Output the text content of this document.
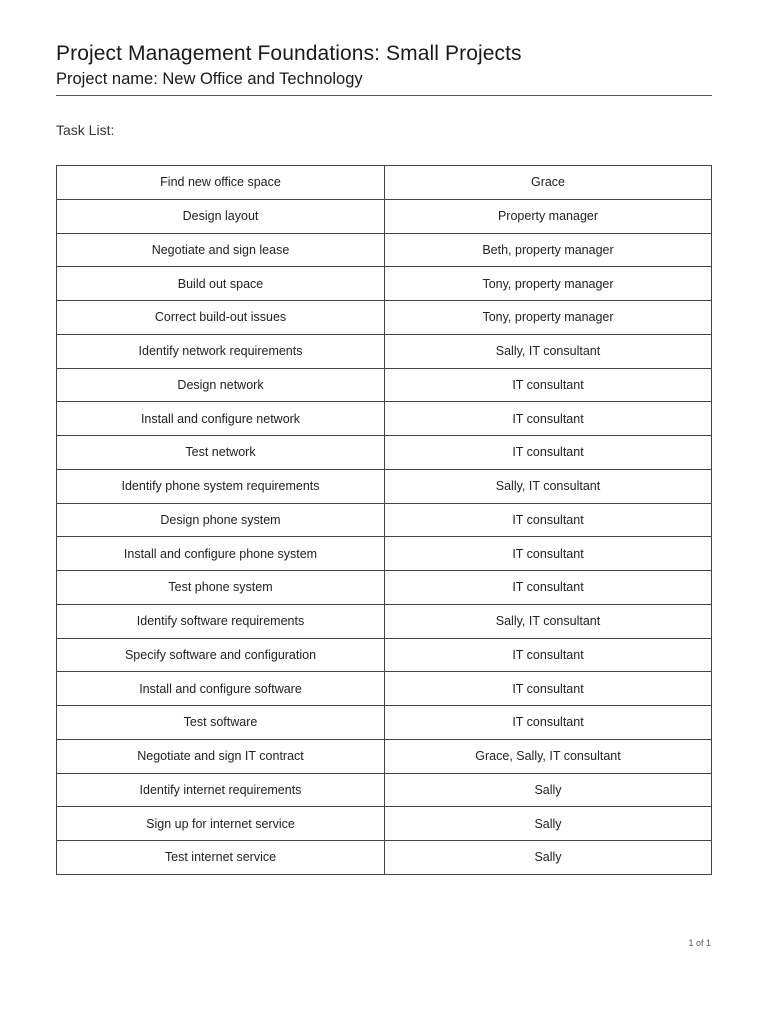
Project Management Foundations: Small Projects
Project name: New Office and Technology
Task List:
Find new office space	Grace
Design layout	Property manager
Negotiate and sign lease	Beth, property manager
Build out space	Tony, property manager
Correct build-out issues	Tony, property manager
Identify network requirements	Sally, IT consultant
Design network	IT consultant
Install and configure network	IT consultant
Test network	IT consultant
Identify phone system requirements	Sally, IT consultant
Design phone system	IT consultant
Install and configure phone system	IT consultant
Test phone system	IT consultant
Identify software requirements	Sally, IT consultant
Specify software and configuration	IT consultant
Install and configure software	IT consultant
Test software	IT consultant
Negotiate and sign IT contract	Grace, Sally, IT consultant
Identify internet requirements	Sally
Sign up for internet service	Sally
Test internet service	Sally
1 of 1
